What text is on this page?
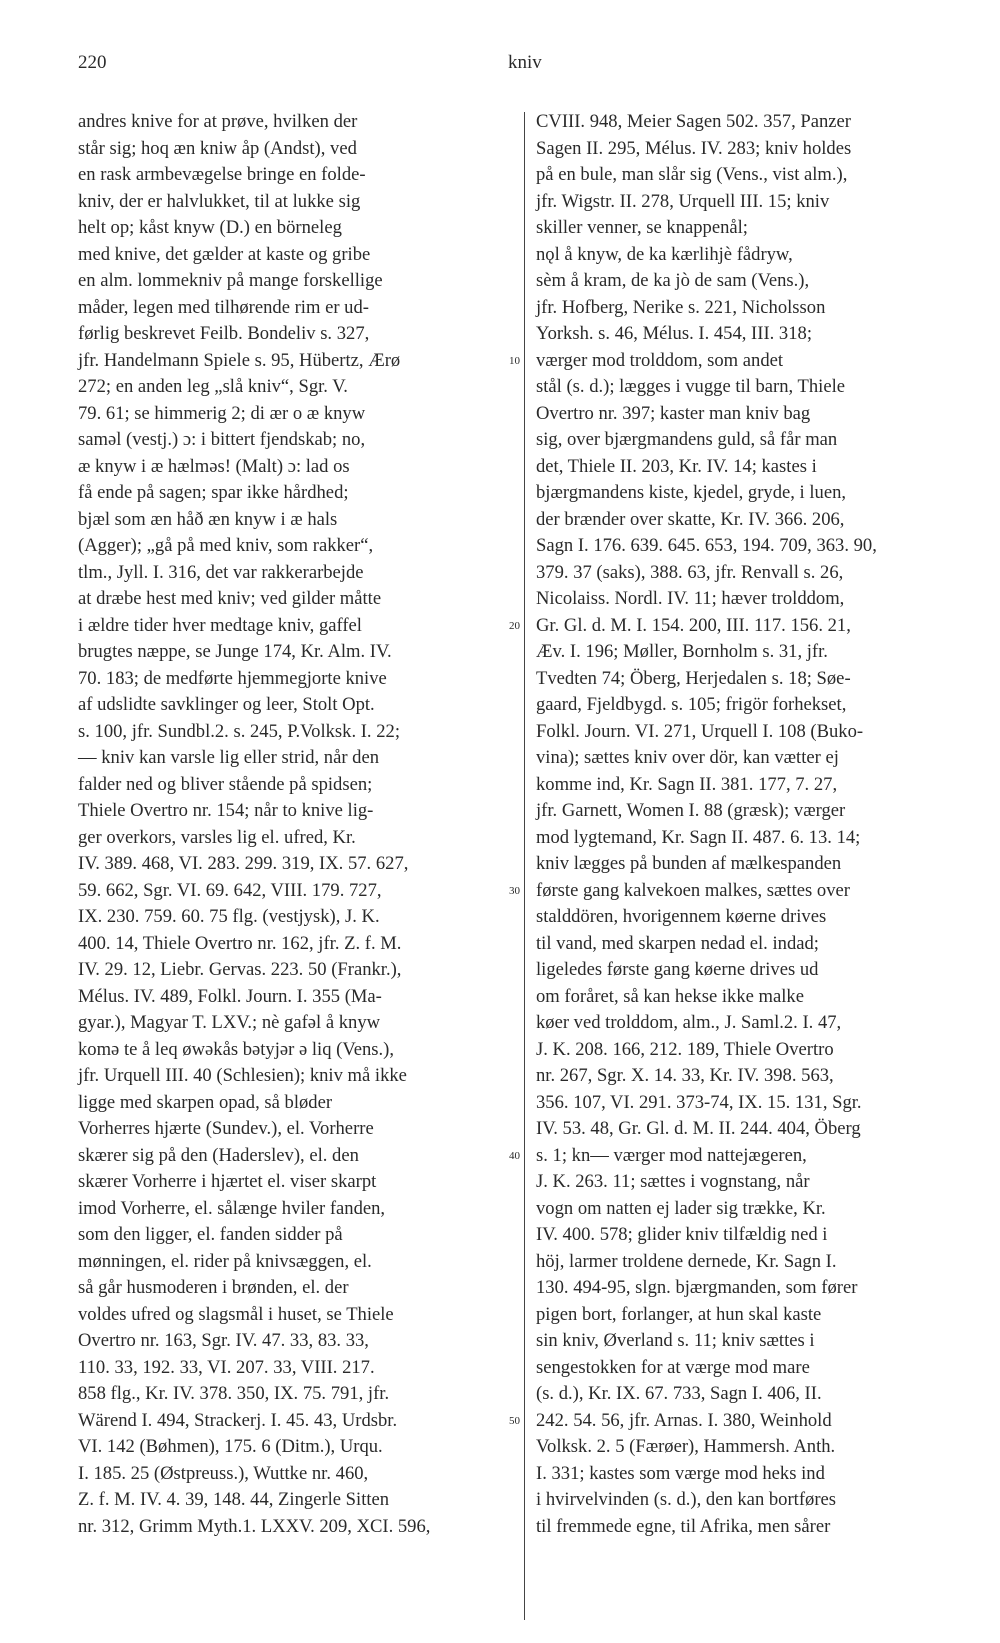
220	kniv
andres knive for at prøve, hvilken der
står sig; hoq æn kniw åp (Andst), ved
en rask armbevægelse bringe en folde-
kniv, der er halvlukket, til at lukke sig
helt op; kåst knyw (D.) en börneleg
med knive, det gælder at kaste og gribe
en alm. lommekniv på mange forskellige
måder, legen med tilhørende rim er ud-
førlig beskrevet Feilb. Bondeliv s. 327,
jfr. Handelmann Spiele s. 95, Hübertz, Ærø
272; en anden leg „slå kniv“, Sgr. V.
79. 61; se himmerig 2; di ær o æ knyw
samǝl (vestj.) ɔ: i bittert fjendskab; no,
æ knyw i æ hælmǝs! (Malt) ɔ: lad os
få ende på sagen; spar ikke hårdhed;
bjæl som æn håð æn knyw i æ hals
(Agger); „gå på med kniv, som rakker“,
tlm., Jyll. I. 316, det var rakkerarbejde
at dræbe hest med kniv; ved gilder måtte
i ældre tider hver medtage kniv, gaffel
brugtes næppe, se Junge 174, Kr. Alm. IV.
70. 183; de medførte hjemmegjorte knive
af udslidte savklinger og leer, Stolt Opt.
s. 100, jfr. Sundbl.2. s. 245, P.Volksk. I. 22;
— kniv kan varsle lig eller strid, når den
falder ned og bliver stående på spidsen;
Thiele Overtro nr. 154; når to knive lig-
ger overkors, varsles lig el. ufred, Kr.
IV. 389. 468, VI. 283. 299. 319, IX. 57. 627,
59. 662, Sgr. VI. 69. 642, VIII. 179. 727,
IX. 230. 759. 60. 75 flg. (vestjysk), J. K.
400. 14, Thiele Overtro nr. 162, jfr. Z. f. M.
IV. 29. 12, Liebr. Gervas. 223. 50 (Frankr.),
Mélus. IV. 489, Folkl. Journ. I. 355 (Ma-
gyar.), Magyar T. LXV.; nè gafǝl å knyw
komǝ te å leq øwǝkås bǝtyjǝr ǝ liq (Vens.),
jfr. Urquell III. 40 (Schlesien); kniv må ikke
ligge med skarpen opad, så bløder
Vorherres hjærte (Sundev.), el. Vorherre
skærer sig på den (Haderslev), el. den
skærer Vorherre i hjærtet el. viser skarpt
imod Vorherre, el. sålænge hviler fanden,
som den ligger, el. fanden sidder på
mønningen, el. rider på knivsæggen, el.
så går husmoderen i brønden, el. der
voldes ufred og slagsmål i huset, se Thiele
Overtro nr. 163, Sgr. IV. 47. 33, 83. 33,
110. 33, 192. 33, VI. 207. 33, VIII. 217.
858 flg., Kr. IV. 378. 350, IX. 75. 791, jfr.
Wärend I. 494, Strackerj. I. 45. 43, Urdsbr.
VI. 142 (Bøhmen), 175. 6 (Ditm.), Urqu.
I. 185. 25 (Østpreuss.), Wuttke nr. 460,
Z. f. M. IV. 4. 39, 148. 44, Zingerle Sitten
nr. 312, Grimm Myth.1. LXXV. 209, XCI. 596,
10
20
30
40
50
CVIII. 948, Meier Sagen 502. 357, Panzer
Sagen II. 295, Mélus. IV. 283; kniv holdes
på en bule, man slår sig (Vens., vist alm.),
jfr. Wigstr. II. 278, Urquell III. 15; kniv
skiller venner, se knappenål;
nǫl å knyw, de ka kærlihjè fådryw,
sèm å kram, de ka jò de sam (Vens.),
jfr. Hofberg, Nerike s. 221, Nicholsson
Yorksh. s. 46, Mélus. I. 454, III. 318;
værger mod trolddom, som andet
stål (s. d.); lægges i vugge til barn, Thiele
Overtro nr. 397; kaster man kniv bag
sig, over bjærgmandens guld, så får man
det, Thiele II. 203, Kr. IV. 14; kastes i
bjærgmandens kiste, kjedel, gryde, i luen,
der brænder over skatte, Kr. IV. 366. 206,
Sagn I. 176. 639. 645. 653, 194. 709, 363. 90,
379. 37 (saks), 388. 63, jfr. Renvall s. 26,
Nicolaiss. Nordl. IV. 11; hæver trolddom,
Gr. Gl. d. M. I. 154. 200, III. 117. 156. 21,
Æv. I. 196; Møller, Bornholm s. 31, jfr.
Tvedten 74; Öberg, Herjedalen s. 18; Søe-
gaard, Fjeldbygd. s. 105; frigör forhekset,
Folkl. Journ. VI. 271, Urquell I. 108 (Buko-
vina); sættes kniv over dör, kan vætter ej
komme ind, Kr. Sagn II. 381. 177, 7. 27,
jfr. Garnett, Women I. 88 (græsk); værger
mod lygtemand, Kr. Sagn II. 487. 6. 13. 14;
kniv lægges på bunden af mælkespanden
første gang kalvekoen malkes, sættes over
stalddören, hvorigennem køerne drives
til vand, med skarpen nedad el. indad;
ligeledes første gang køerne drives ud
om foråret, så kan hekse ikke malke
køer ved trolddom, alm., J. Saml.2. I. 47,
J. K. 208. 166, 212. 189, Thiele Overtro
nr. 267, Sgr. X. 14. 33, Kr. IV. 398. 563,
356. 107, VI. 291. 373-74, IX. 15. 131, Sgr.
IV. 53. 48, Gr. Gl. d. M. II. 244. 404, Öberg
s. 1; kn— værger mod nattejægeren,
J. K. 263. 11; sættes i vognstang, når
vogn om natten ej lader sig trække, Kr.
IV. 400. 578; glider kniv tilfældig ned i
höj, larmer troldene dernede, Kr. Sagn I.
130. 494-95, slgn. bjærgmanden, som fører
pigen bort, forlanger, at hun skal kaste
sin kniv, Øverland s. 11; kniv sættes i
sengestokken for at værge mod mare
(s. d.), Kr. IX. 67. 733, Sagn I. 406, II.
242. 54. 56, jfr. Arnas. I. 380, Weinhold
Volksk. 2. 5 (Færøer), Hammersh. Anth.
I. 331; kastes som værge mod heks ind
i hvirvelvinden (s. d.), den kan bortføres
til fremmede egne, til Afrika, men sårer
